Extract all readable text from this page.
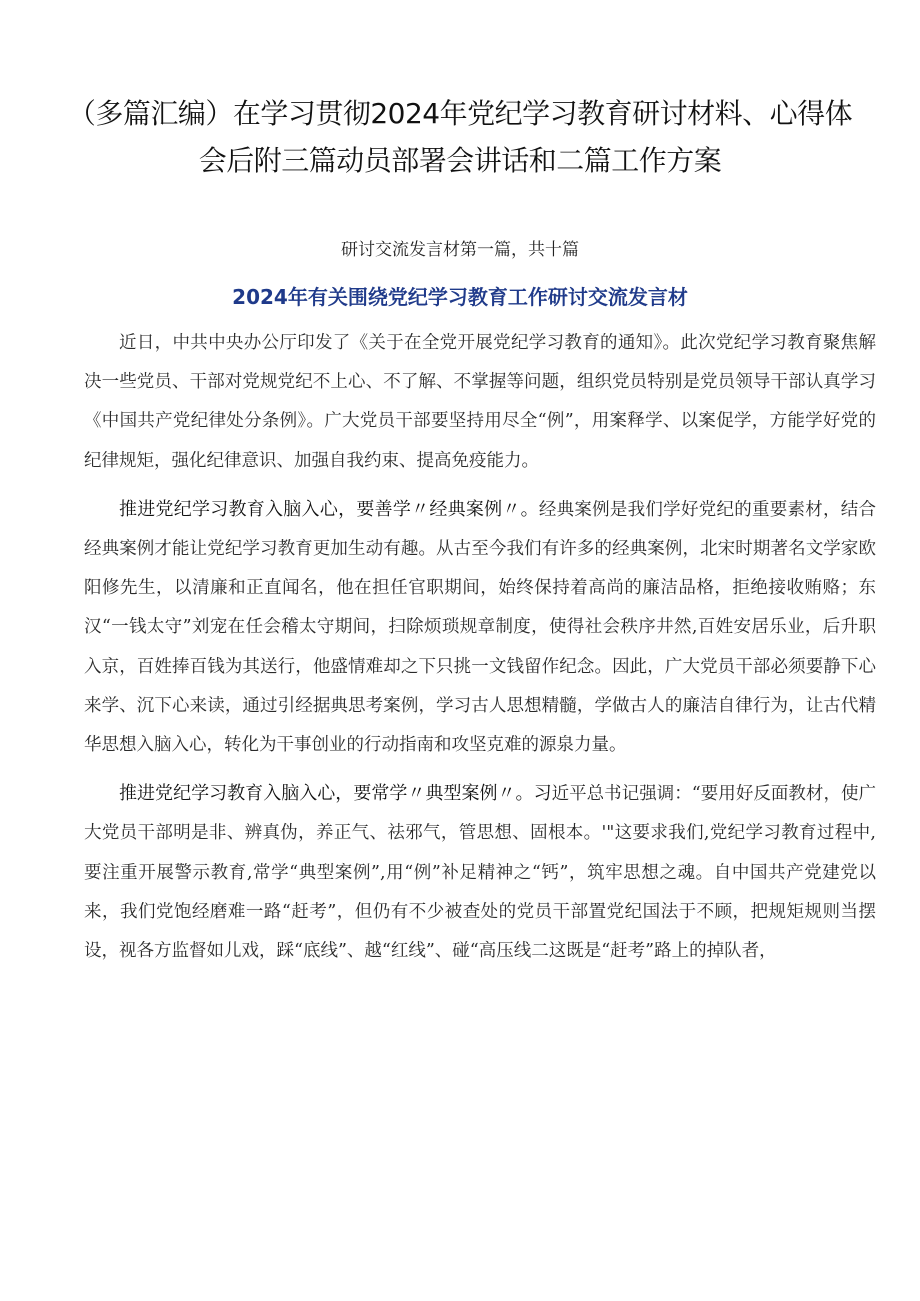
（多篇汇编）在学习贯彻2024年党纪学习教育研讨材料、心得体会后附三篇动员部署会讲话和二篇工作方案
研讨交流发言材第一篇，共十篇
2024年有关围绕党纪学习教育工作研讨交流发言材

近日，中共中央办公厅印发了《关于在全党开展党纪学习教育的通知》。此次党纪学习教育聚焦解决一些党员、干部对党规党纪不上心、不了解、不掌握等问题，组织党员特别是党员领导干部认真学习《中国共产党纪律处分条例》。广大党员干部要坚持用尽全“例”，用案释学、以案促学，方能学好党的纪律规矩，强化纪律意识、加强自我约束、提高免疫能力。

推进党纪学习教育入脑入心，要善学〃经典案例〃。经典案例是我们学好党纪的重要素材，结合经典案例才能让党纪学习教育更加生动有趣。从古至今我们有许多的经典案例，北宋时期著名文学家欧阳修先生，以清廉和正直闻名，他在担任官职期间，始终保持着高尚的廉洁品格，拒绝接收贿赂；东汉“一钱太守”刘宠在任会稽太守期间，扫除烦琐规章制度，使得社会秩序井然,百姓安居乐业，后升职入京，百姓捧百钱为其送行，他盛情难却之下只挑一文钱留作纪念。因此，广大党员干部必须要静下心来学、沉下心来读，通过引经据典思考案例，学习古人思想精髓，学做古人的廉洁自律行为，让古代精华思想入脑入心，转化为干事创业的行动指南和攻坚克难的源泉力量。

推进党纪学习教育入脑入心，要常学〃典型案例〃。习近平总书记强调：“要用好反面教材，使广大党员干部明是非、辨真伪，养正气、祛邪气，管思想、固根本。'"这要求我们,党纪学习教育过程中,要注重开展警示教育,常学“典型案例”,用“例”补足精神之“钙”，筑牢思想之魂。自中国共产党建党以来，我们党饱经磨难一路“赶考”，但仍有不少被查处的党员干部置党纪国法于不顾，把规矩规则当摆设，视各方监督如儿戏，踩“底线”、越“红线”、碰“高压线二这既是“赶考”路上的掉队者，
